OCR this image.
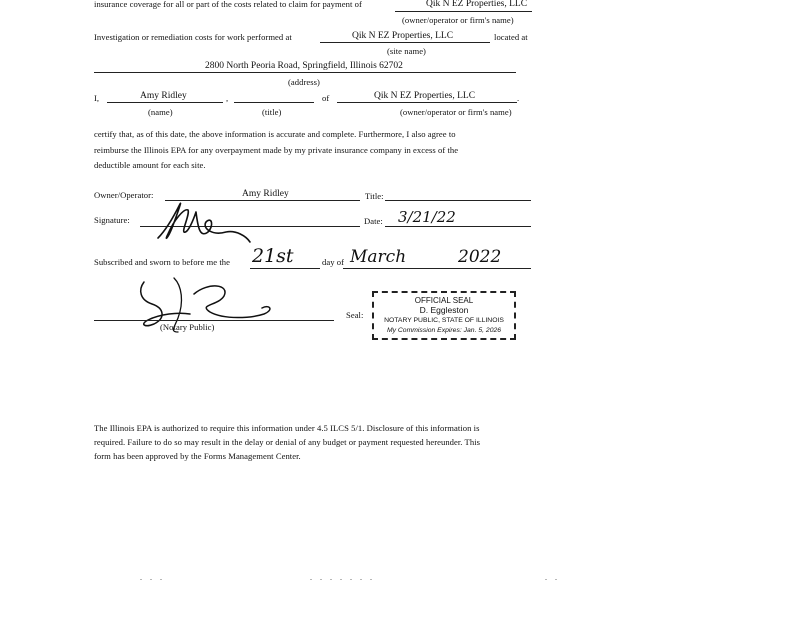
insurance coverage for all or part of the costs related to claim for payment of	Qik N EZ Properties, LLC
(owner/operator or firm's name)
Investigation or remediation costs for work performed at	Qik N EZ Properties, LLC	located at
(site name)
2800 North Peoria Road, Springfield, Illinois 62702
(address)
I,	Amy Ridley	,	of	Qik N EZ Properties, LLC	.
(name)	(title)	(owner/operator or firm's name)
certify that, as of this date, the above information is accurate and complete. Furthermore, I also agree to
reimburse the Illinois EPA for any overpayment made by my private insurance company in excess of the
deductible amount for each site.
Owner/Operator:	Amy Ridley	Title:
Signature:	Date: 3/21/22
Subscribed and sworn to before me the 21st	day of March	2022
(Notary Public)
Seal:
OFFICIAL SEAL
D. Eggleston
NOTARY PUBLIC, STATE OF ILLINOIS
My Commission Expires: Jan. 5, 2026
The Illinois EPA is authorized to require this information under 4.5 ILCS 5/1. Disclosure of this information is
required. Failure to do so may result in the delay or denial of any budget or payment requested hereunder. This
form has been approved by the Forms Management Center.
. . .	. . . . . . .	. .
